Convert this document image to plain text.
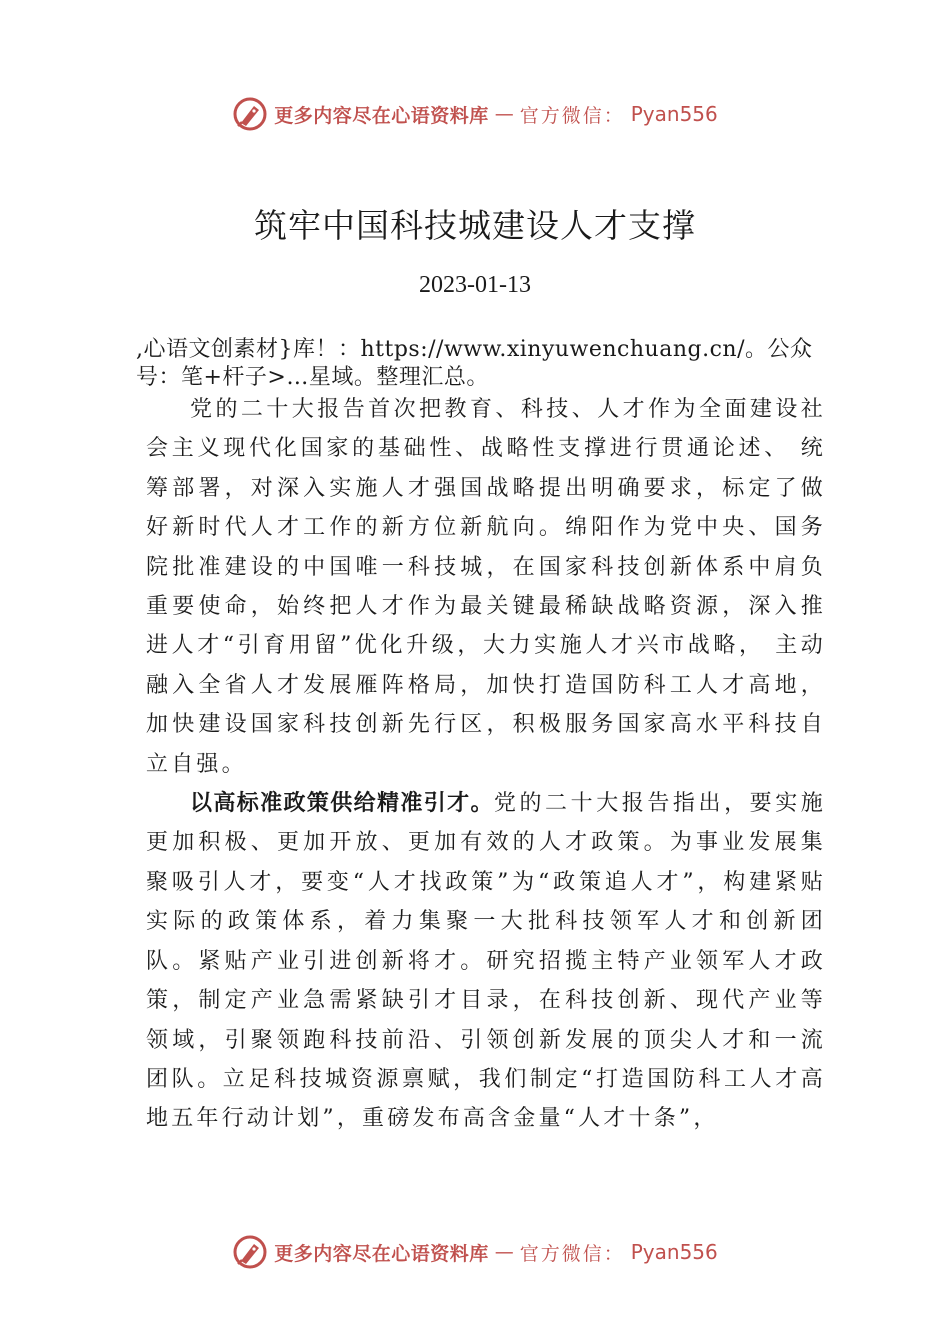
更多内容尽在心语资料库 — 官方微信： Pyan556
筑牢中国科技城建设人才支撑
2023-01-13
,心语文创素材}库！：https://www.xinyuwenchuang.cn/。公众号：笔+杆子>…星域。整理汇总。

党的二十大报告首次把教育、科技、人才作为全面建设社会主义现代化国家的基础性、战略性支撑进行贯通论述、 统筹部署，对深入实施人才强国战略提出明确要求，标定了做好新时代人才工作的新方位新航向。绵阳作为党中央、国务院批准建设的中国唯一科技城，在国家科技创新体系中肩负重要使命，始终把人才作为最关键最稀缺战略资源，深入推进人才“引育用留”优化升级，大力实施人才兴市战略， 主动融入全省人才发展雁阵格局，加快打造国防科工人才高地，加快建设国家科技创新先行区，积极服务国家高水平科技自立自强。

以高标准政策供给精准引才。党的二十大报告指出，要实施更加积极、更加开放、更加有效的人才政策。为事业发展集聚吸引人才，要变“人才找政策”为“政策追人才”，构建紧贴实际的政策体系，着力集聚一大批科技领军人才和创新团队。紧贴产业引进创新将才。研究招揽主特产业领军人才政策，制定产业急需紧缺引才目录，在科技创新、现代产业等领域，引聚领跑科技前沿、引领创新发展的顶尖人才和一流团队。立足科技城资源禀赋，我们制定“打造国防科工人才高地五年行动计划”，重磅发布高含金量“人才十条”，

更多内容尽在心语资料库 — 官方微信： Pyan556
